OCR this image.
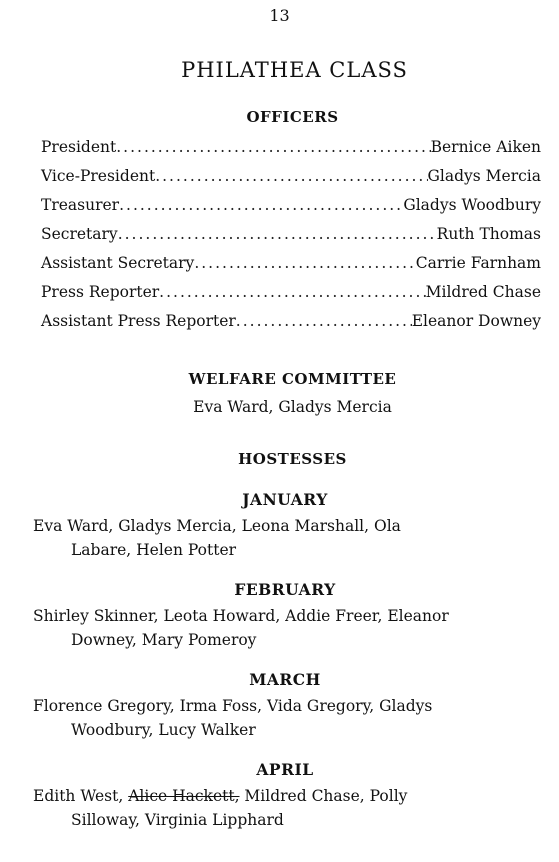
13
PHILATHEA CLASS
OFFICERS
President .....	Bernice Aiken
Vice-President .....	Gladys Mercia
Treasurer .....	Gladys Woodbury
Secretary .....	Ruth Thomas
Assistant Secretary .....	Carrie Farnham
Press Reporter .....	Mildred Chase
Assistant Press Reporter .....	Eleanor Downey
WELFARE COMMITTEE
Eva Ward, Gladys Mercia
HOSTESSES
JANUARY
Eva Ward, Gladys Mercia, Leona Marshall, Ola
Labare, Helen Potter
FEBRUARY
Shirley Skinner, Leota Howard, Addie Freer, Eleanor
Downey, Mary Pomeroy
MARCH
Florence Gregory, Irma Foss, Vida Gregory, Gladys
Woodbury, Lucy Walker
APRIL
Edith West, Alice Hackett, Mildred Chase, Polly
Silloway, Virginia Lipphard
